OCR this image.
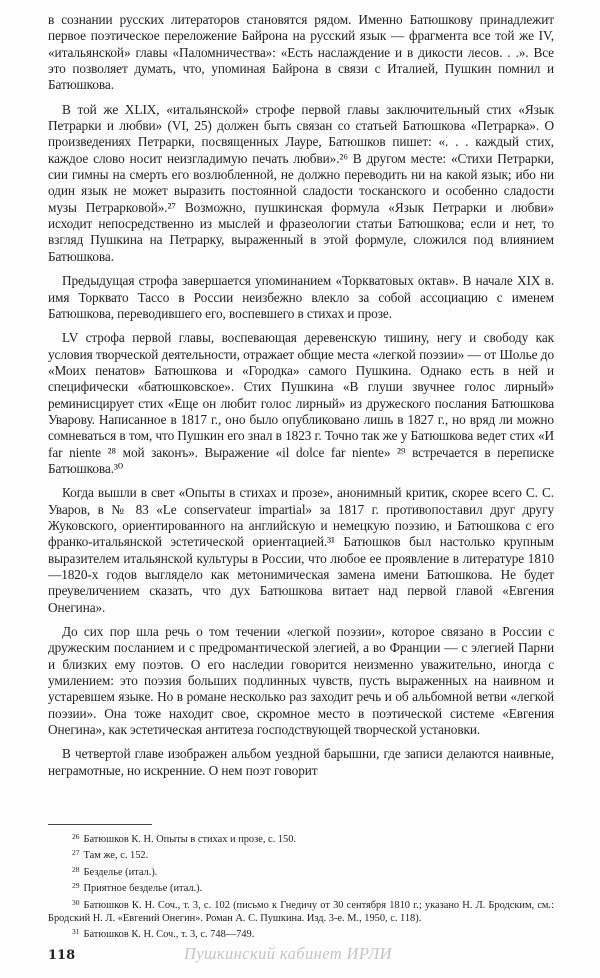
в сознании русских литераторов становятся рядом. Именно Батюшкову принадлежит первое поэтическое переложение Байрона на русский язык — фрагмента все той же IV, «итальянской» главы «Паломничества»: «Есть наслаждение и в дикости лесов. . .». Все это позволяет думать, что, упоминая Байрона в связи с Италией, Пушкин помнил и Батюшкова.

В той же XLIX, «итальянской» строфе первой главы заключительный стих «Язык Петрарки и любви» (VI, 25) должен быть связан со статьей Батюшкова «Петрарка». О произведениях Петрарки, посвященных Лауре, Батюшков пишет: «. . . каждый стих, каждое слово носит неизгладимую печать любви».²⁶ В другом месте: «Стихи Петрарки, сии гимны на смерть его возлюбленной, не должно переводить ни на какой язык; ибо ни один язык не может выразить постоянной сладости тосканского и особенно сладости музы Петрарковой».²⁷ Возможно, пушкинская формула «Язык Петрарки и любви» исходит непосредственно из мыслей и фразеологии статьи Батюшкова; если и нет, то взгляд Пушкина на Петрарку, выраженный в этой формуле, сложился под влиянием Батюшкова.

Предыдущая строфа завершается упоминанием «Торкватовых октав». В начале XIX в. имя Торквато Тассо в России неизбежно влекло за собой ассоциацию с именем Батюшкова, переводившего его, воспевшего в стихах и прозе.

LV строфа первой главы, воспевающая деревенскую тишину, негу и свободу как условия творческой деятельности, отражает общие места «легкой поэзии» — от Шолье до «Моих пенатов» Батюшкова и «Городка» самого Пушкина. Однако есть в ней и специфически «батюшковское». Стих Пушкина «В глуши звучнее голос лирный» реминисцирует стих «Еще он любит голос лирный» из дружеского послания Батюшкова Уварову. Написанное в 1817 г., оно было опубликовано лишь в 1827 г., но вряд ли можно сомневаться в том, что Пушкин его знал в 1823 г. Точно так же у Батюшкова ведет стих «И far niente ²⁸ мой законъ». Выражение «il dolce far niente» ²⁹ встречается в переписке Батюшкова.³⁰

Когда вышли в свет «Опыты в стихах и прозе», анонимный критик, скорее всего С. С. Уваров, в № 83 «Le conservateur impartial» за 1817 г. противопоставил друг другу Жуковского, ориентированного на английскую и немецкую поэзию, и Батюшкова с его франко-итальянской эстетической ориентацией.³¹ Батюшков был настолько крупным выразителем итальянской культуры в России, что любое ее проявление в литературе 1810—1820-х годов выглядело как метонимическая замена имени Батюшкова. Не будет преувеличением сказать, что дух Батюшкова витает над первой главой «Евгения Онегина».

До сих пор шла речь о том течении «легкой поэзии», которое связано в России с дружеским посланием и с предромантической элегией, а во Франции — с элегией Парни и близких ему поэтов. О его наследии говорится неизменно уважительно, иногда с умилением: это поэзия больших подлинных чувств, пусть выраженных на наивном и устаревшем языке. Но в романе несколько раз заходит речь и об альбомной ветви «легкой поэзии». Она тоже находит свое, скромное место в поэтической системе «Евгения Онегина», как эстетическая антитеза господствующей творческой установки.

В четвертой главе изображен альбом уездной барышни, где записи делаются наивные, неграмотные, но искренние. О нем поэт говорит

$^{26}$ Батюшков К. Н. Опыты в стихах и прозе, с. 150.

$^{27}$ Там же, с. 152.

$^{28}$ Безделье (итал.).

$^{29}$ Приятное безделье (итал.).

$^{30}$ Батюшков К. Н. Соч., т. 3, с. 102 (письмо к Гнедичу от 30 сентября 1810 г.; указано Н. Л. Бродским, см.: Бродский Н. Л. «Евгений Онегин». Роман А. С. Пушкина. Изд. 3-е. М., 1950, с. 118).

$^{31}$ Батюшков К. Н. Соч., т. 3, с. 748—749.

118	Пушкинский кабинет ИРЛИ
